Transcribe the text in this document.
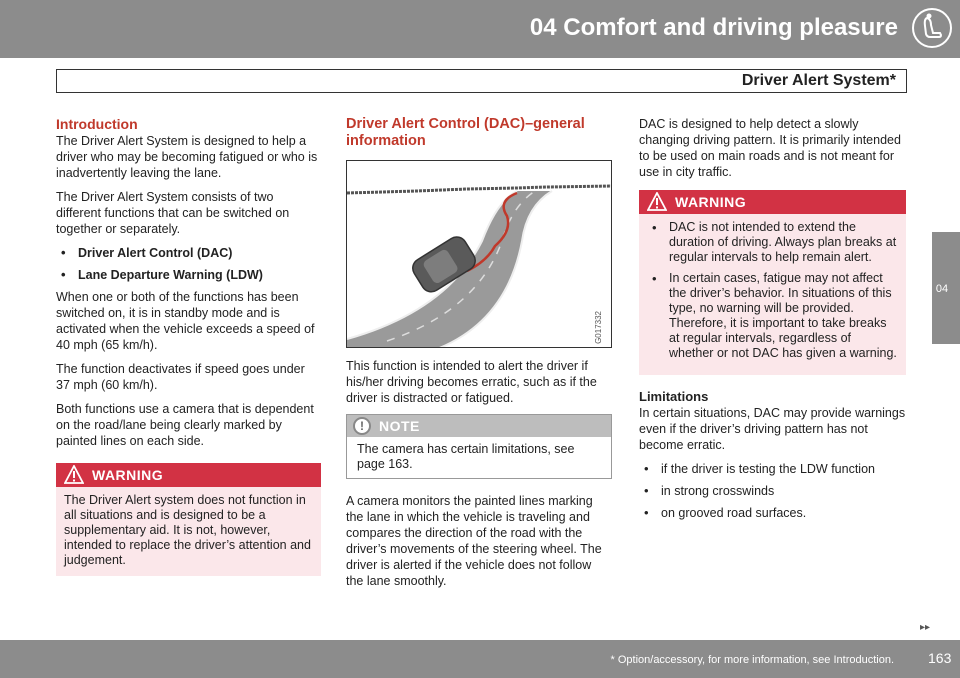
04 Comfort and driving pleasure
Driver Alert System*
04
Introduction

The Driver Alert System is designed to help a driver who may be becoming fatigued or who is inadvertently leaving the lane.

The Driver Alert System consists of two different functions that can be switched on together or separately.

• Driver Alert Control (DAC)
• Lane Departure Warning (LDW)

When one or both of the functions has been switched on, it is in standby mode and is activated when the vehicle exceeds a speed of 40 mph (65 km/h).

The function deactivates if speed goes under 37 mph (60 km/h).

Both functions use a camera that is dependent on the road/lane being clearly marked by painted lines on each side.

WARNING
The Driver Alert system does not function in all situations and is designed to be a supplementary aid. It is not, however, intended to replace the driver’s attention and judgement.
Driver Alert Control (DAC)–general information
G017332

This function is intended to alert the driver if his/her driving becomes erratic, such as if the driver is distracted or fatigued.

!	NOTE
The camera has certain limitations, see page 163.

A camera monitors the painted lines marking the lane in which the vehicle is traveling and compares the direction of the road with the driver’s movements of the steering wheel. The driver is alerted if the vehicle does not follow the lane smoothly.

DAC is designed to help detect a slowly changing driving pattern. It is primarily intended to be used on main roads and is not meant for use in city traffic.

WARNING
• DAC is not intended to extend the duration of driving. Always plan breaks at regular intervals to help remain alert.
• In certain cases, fatigue may not affect the driver’s behavior. In situations of this type, no warning will be provided. Therefore, it is important to take breaks at regular intervals, regardless of whether or not DAC has given a warning.
Limitations

In certain situations, DAC may provide warnings even if the driver’s driving pattern has not become erratic.

• if the driver is testing the LDW function
• in strong crosswinds
• on grooved road surfaces.
▸▸
* Option/accessory, for more information, see Introduction. 163
